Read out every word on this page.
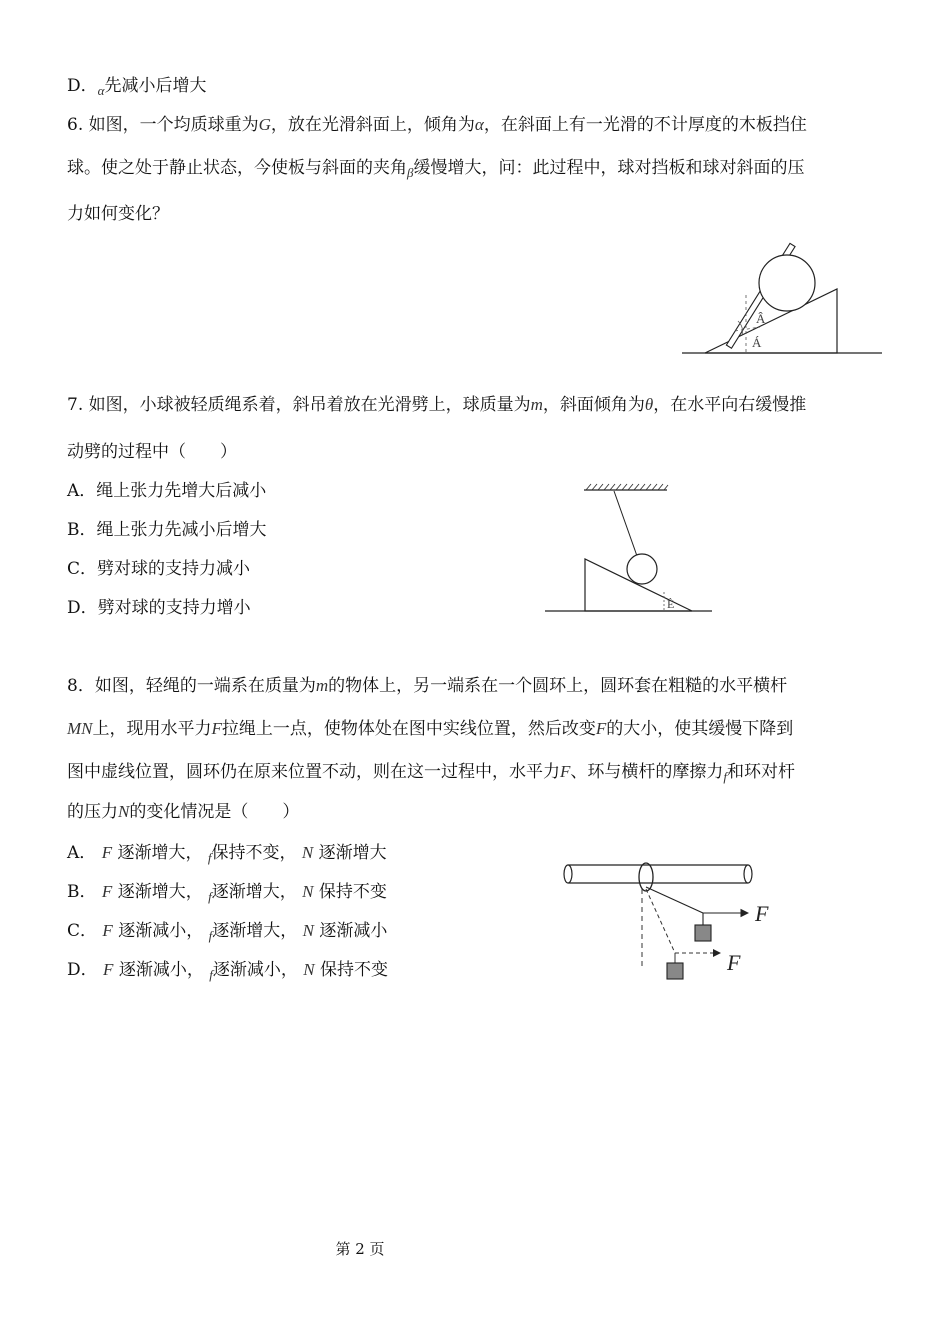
D．$_\alpha$先减小后增大
6. 如图，一个均质球重为G，放在光滑斜面上，倾角为α，在斜面上有一光滑的不计厚度的木板挡住
球。使之处于静止状态，今使板与斜面的夹角$_\beta$缓慢增大，问：此过程中，球对挡板和球对斜面的压
力如何变化？
Â
Á
7. 如图，小球被轻质绳系着，斜吊着放在光滑劈上，球质量为m，斜面倾角为θ，在水平向右缓慢推
动劈的过程中（　　）
A．绳上张力先增大后减小
B．绳上张力先减小后增大
C．劈对球的支持力减小
D．劈对球的支持力增小	È
8．如图，轻绳的一端系在质量为m的物体上，另一端系在一个圆环上，圆环套在粗糙的水平横杆
MN上，现用水平力F拉绳上一点，使物体处在图中实线位置，然后改变F的大小，使其缓慢下降到
图中虚线位置，圆环仍在原来位置不动，则在这一过程中，水平力F、环与横杆的摩擦力$_f$和环对杆
的压力N的变化情况是（　　）
A． F 逐渐增大， $_f$保持不变， N 逐渐增大
B． F 逐渐增大， $_f$逐渐增大， N 保持不变
C． F 逐渐减小， $_f$逐渐增大， N 逐渐减小
D． F 逐渐减小， $_f$逐渐减小， N 保持不变
F
F
第 2 页
